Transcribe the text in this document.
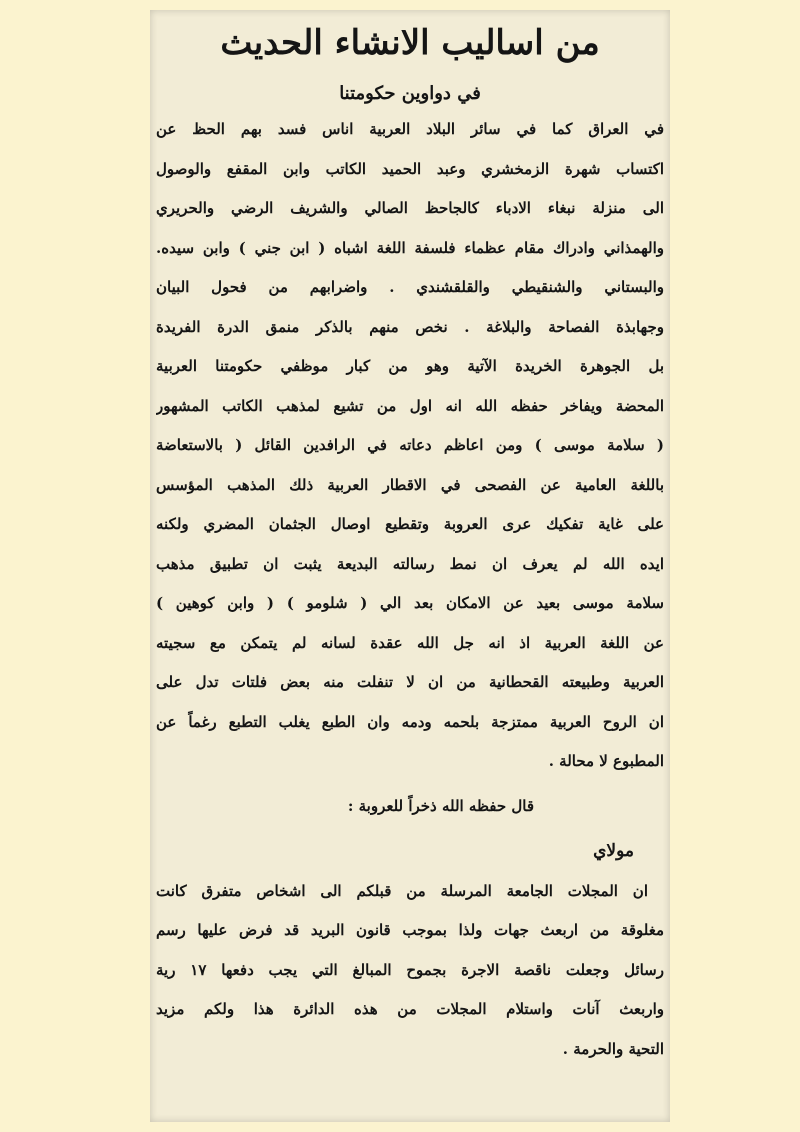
من اساليب الانشاء الحديث
في دواوين حكومتنا
في العراق كما في سائر البلاد العربية اناس فسد بهم الحظ عن
اكتساب شهرة الزمخشري وعبد الحميد الكاتب وابن المقفع والوصول
الى منزلة نبغاء الادباء كالجاحظ الصالي والشريف الرضي والحريري
والهمذاني وادراك مقام عظماء فلسفة اللغة اشباه ( ابن جني ) وابن سيده.
والبستاني والشنقيطي والقلقشندي . واضرابهم من فحول البيان
وجهابذة الفصاحة والبلاغة . نخص منهم بالذكر منمق الدرة الفريدة
بل الجوهرة الخريدة الآتية وهو من كبار موظفي حكومتنا العربية
المحضة ويفاخر حفظه الله انه اول من تشيع لمذهب الكاتب المشهور
( سلامة موسى ) ومن اعاظم دعاته في الرافدين القائل ( بالاستعاضة
باللغة العامية عن الفصحى في الاقطار العربية ذلك المذهب المؤسس
على غاية تفكيك عرى العروبة وتقطيع اوصال الجثمان المضري ولكنه
ايده الله لم يعرف ان نمط رسالته البديعة يثبت ان تطبيق مذهب
سلامة موسى بعيد عن الامكان بعد الي ( شلومو ) ( وابن كوهين )
عن اللغة العربية اذ انه جل الله عقدة لسانه لم يتمكن مع سجيته
العربية وطبيعته القحطانية من ان لا تنفلت منه بعض فلتات تدل على
ان الروح العربية ممتزجة بلحمه ودمه وان الطبع يغلب التطبع رغماً عن
المطبوع لا محالة .
قال حفظه الله ذخراً للعروبة :
مولاي
ان المجلات الجامعة المرسلة من قبلكم الى اشخاص متفرق كانت
مغلوقة من اربعث جهات ولذا بموجب قانون البريد قد فرض عليها رسم
رسائل وجعلت ناقصة الاجرة بجموح المبالغ التي يجب دفعها ١٧ رية
واربعث آنات واستلام المجلات من هذه الدائرة هذا ولكم مزيد
التحية والحرمة .
